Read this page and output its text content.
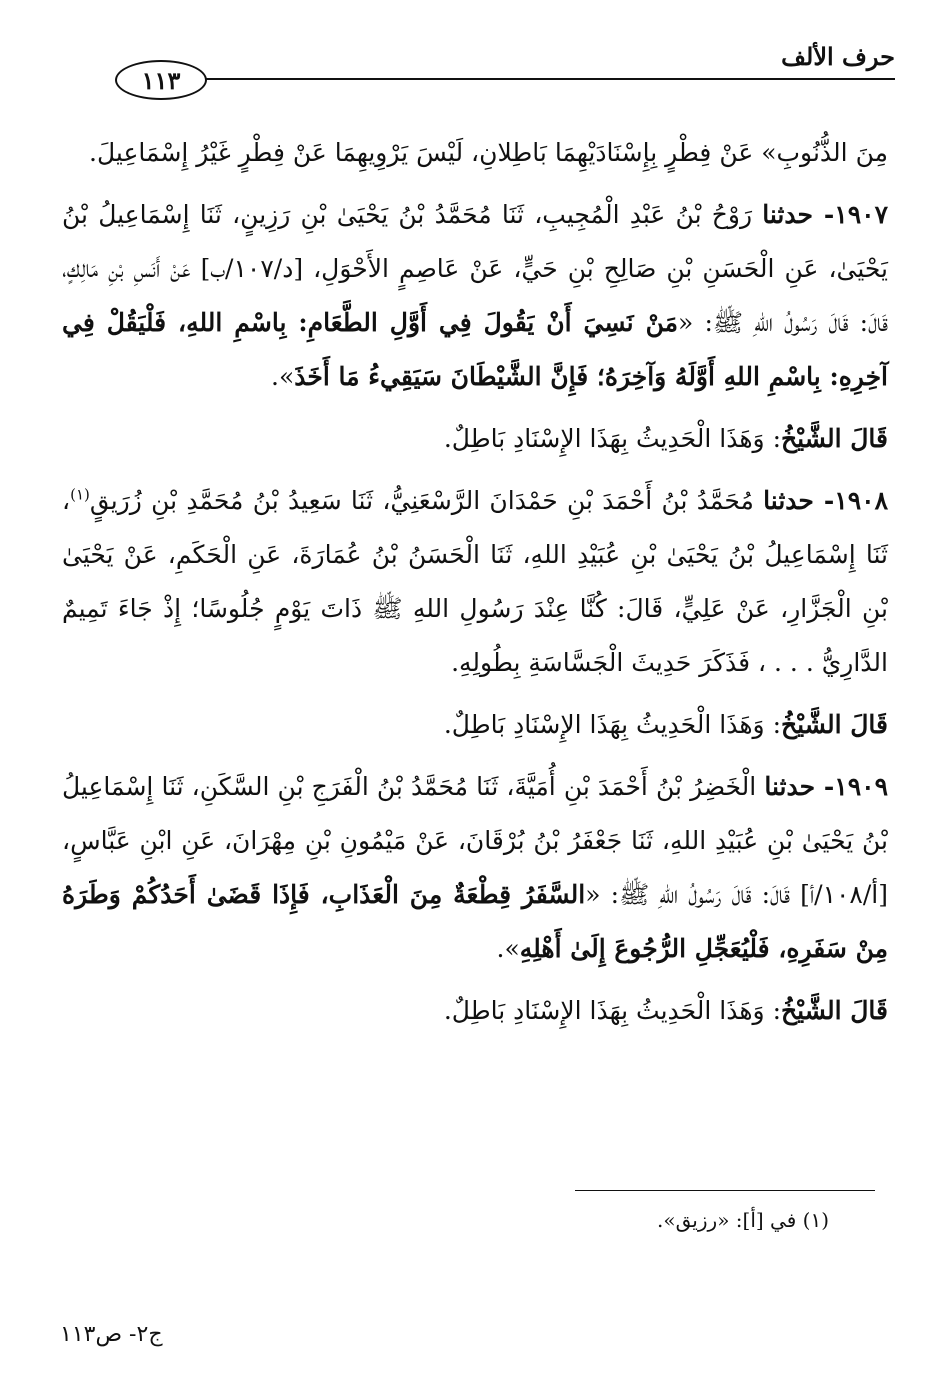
حرف الألف
١١٣

مِنَ الذُّنُوبِ» عَنْ فِطْرٍ بِإِسْنَادَيْهِمَا بَاطِلانِ، لَيْسَ يَرْوِيهِمَا عَنْ فِطْرٍ غَيْرُ إِسْمَاعِيلَ.

١٩٠٧- حدثنا رَوْحُ بْنُ عَبْدِ الْمُجِيبِ، ثَنَا مُحَمَّدُ بْنُ يَحْيَىٰ بْنِ رَزِينٍ، ثَنَا إِسْمَاعِيلُ بْنُ يَحْيَىٰ، عَنِ الْحَسَنِ بْنِ صَالِحِ بْنِ حَيٍّ، عَنْ عَاصِمٍ الأَحْوَلِ، [د/١٠٧/ب] عَنْ أَنَسِ بْنِ مَالِكٍ، قَالَ: قَالَ رَسُولُ اللهِ ﷺ: «مَنْ نَسِيَ أَنْ يَقُولَ فِي أَوَّلِ الطَّعَامِ: بِاسْمِ اللهِ، فَلْيَقُلْ فِي آخِرِهِ: بِاسْمِ اللهِ أَوَّلَهُ وَآخِرَهُ؛ فَإِنَّ الشَّيْطَانَ سَيَقِيءُ مَا أَخَذَ».

قَالَ الشَّيْخُ: وَهَذَا الْحَدِيثُ بِهَذَا الإِسْنَادِ بَاطِلٌ.

١٩٠٨- حدثنا مُحَمَّدُ بْنُ أَحْمَدَ بْنِ حَمْدَانَ الرَّسْعَنِيُّ، ثَنَا سَعِيدُ بْنُ مُحَمَّدِ بْنِ زُرَيقٍ$^{(١)}$، ثَنَا إِسْمَاعِيلُ بْنُ يَحْيَىٰ بْنِ عُبَيْدِ اللهِ، ثَنَا الْحَسَنُ بْنُ عُمَارَةَ، عَنِ الْحَكَمِ، عَنْ يَحْيَىٰ بْنِ الْجَزَّارِ، عَنْ عَلِيٍّ، قَالَ: كُنَّا عِنْدَ رَسُولِ اللهِ ﷺ ذَاتَ يَوْمٍ جُلُوسًا؛ إِذْ جَاءَ تَمِيمٌ الدَّارِيُّ . . . ، فَذَكَرَ حَدِيثَ الْجَسَّاسَةِ بِطُولِهِ.

قَالَ الشَّيْخُ: وَهَذَا الْحَدِيثُ بِهَذَا الإِسْنَادِ بَاطِلٌ.

١٩٠٩- حدثنا الْخَضِرُ بْنُ أَحْمَدَ بْنِ أُمَيَّةَ، ثَنَا مُحَمَّدُ بْنُ الْفَرَجِ بْنِ السَّكَنِ، ثَنَا إِسْمَاعِيلُ بْنُ يَحْيَىٰ بْنِ عُبَيْدِ اللهِ، ثَنَا جَعْفَرُ بْنُ بُرْقَانَ، عَنْ مَيْمُونِ بْنِ مِهْرَانَ، عَنِ ابْنِ عَبَّاسٍ، [أ/١٠٨/أ] قَالَ: قَالَ رَسُولُ اللهِ ﷺ: «السَّفَرُ قِطْعَةٌ مِنَ الْعَذَابِ، فَإِذَا قَضَىٰ أَحَدُكُمْ وَطَرَهُ مِنْ سَفَرِهِ، فَلْيُعَجِّلِ الرُّجُوعَ إِلَىٰ أَهْلِهِ».

قَالَ الشَّيْخُ: وَهَذَا الْحَدِيثُ بِهَذَا الإِسْنَادِ بَاطِلٌ.

(١) في [أ]: «رزيق».
ج٢- ص١١٣
